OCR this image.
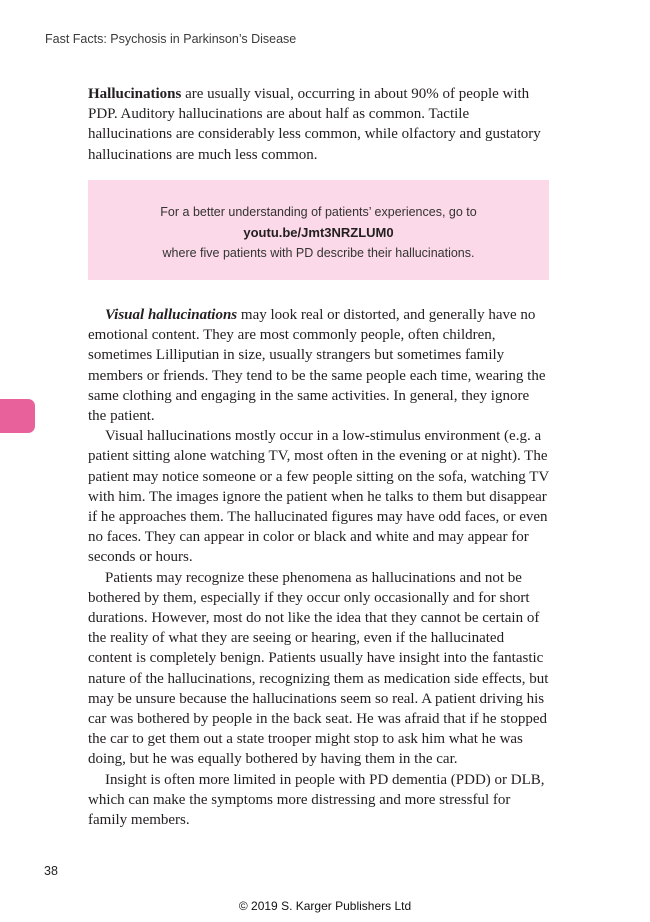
Fast Facts: Psychosis in Parkinson’s Disease

Hallucinations are usually visual, occurring in about 90% of people with PDP. Auditory hallucinations are about half as common. Tactile hallucinations are considerably less common, while olfactory and gustatory hallucinations are much less common.

For a better understanding of patients’ experiences, go to
youtu.be/Jmt3NRZLUM0
where five patients with PD describe their hallucinations.

Visual hallucinations may look real or distorted, and generally have no emotional content. They are most commonly people, often children, sometimes Lilliputian in size, usually strangers but sometimes family members or friends. They tend to be the same people each time, wearing the same clothing and engaging in the same activities. In general, they ignore the patient.

Visual hallucinations mostly occur in a low-stimulus environment (e.g. a patient sitting alone watching TV, most often in the evening or at night). The patient may notice someone or a few people sitting on the sofa, watching TV with him. The images ignore the patient when he talks to them but disappear if he approaches them. The hallucinated figures may have odd faces, or even no faces. They can appear in color or black and white and may appear for seconds or hours.

Patients may recognize these phenomena as hallucinations and not be bothered by them, especially if they occur only occasionally and for short durations. However, most do not like the idea that they cannot be certain of the reality of what they are seeing or hearing, even if the hallucinated content is completely benign. Patients usually have insight into the fantastic nature of the hallucinations, recognizing them as medication side effects, but may be unsure because the hallucinations seem so real. A patient driving his car was bothered by people in the back seat. He was afraid that if he stopped the car to get them out a state trooper might stop to ask him what he was doing, but he was equally bothered by having them in the car.

Insight is often more limited in people with PD dementia (PDD) or DLB, which can make the symptoms more distressing and more stressful for family members.

38
© 2019 S. Karger Publishers Ltd
